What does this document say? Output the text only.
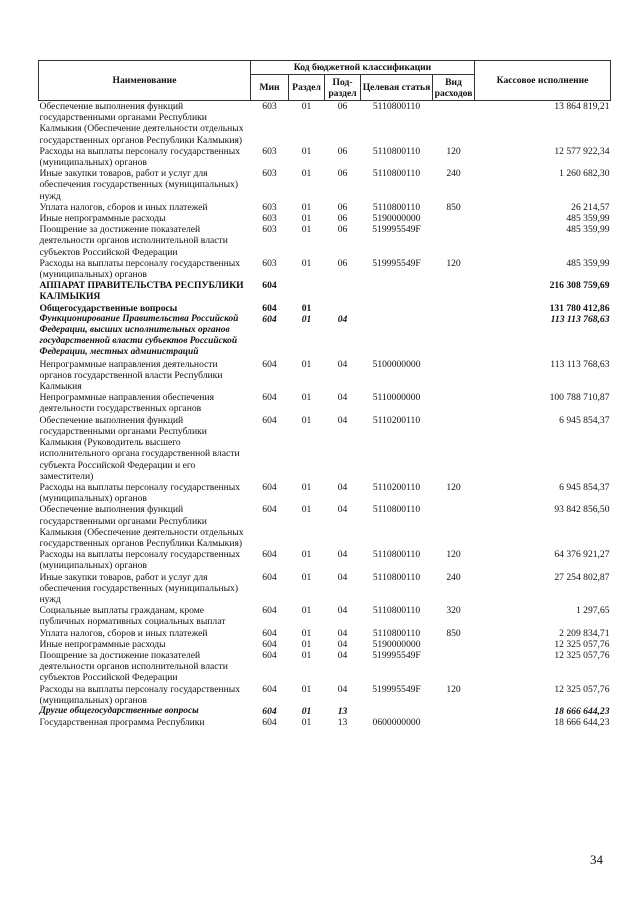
Наименование	Код бюджетной классификации					Кассовое исполнение
	Мин	Раздел	Под-раздел	Целевая статья	Вид расходов	
Обеспечение выполнения функций государственными органами Республики Калмыкия (Обеспечение деятельности отдельных государственных органов Республики Калмыкия)	603	01	06	5110800110		13 864 819,21
Расходы на выплаты персоналу государственных (муниципальных) органов	603	01	06	5110800110	120	12 577 922,34
Иные закупки товаров, работ и услуг для обеспечения государственных (муниципальных) нужд	603	01	06	5110800110	240	1 260 682,30
Уплата налогов, сборов и иных платежей	603	01	06	5110800110	850	26 214,57
Иные непрограммные расходы	603	01	06	5190000000		485 359,99
Поощрение за достижение показателей деятельности органов исполнительной власти субъектов Российской Федерации	603	01	06	519995549F		485 359,99
Расходы на выплаты персоналу государственных (муниципальных) органов	603	01	06	519995549F	120	485 359,99
АППАРАТ ПРАВИТЕЛЬСТВА РЕСПУБЛИКИ КАЛМЫКИЯ	604					216 308 759,69
Общегосударственные вопросы	604	01				131 780 412,86
Функционирование Правительства Российской Федерации, высших исполнительных органов государственной власти субъектов Российской Федерации, местных администраций	604	01	04			113 113 768,63
Непрограммные направления деятельности органов государственной власти Республики Калмыкия	604	01	04	5100000000		113 113 768,63
Непрограммные направления обеспечения деятельности государственных органов	604	01	04	5110000000		100 788 710,87
Обеспечение выполнения функций государственными органами Республики Калмыкия (Руководитель высшего исполнительного органа государственной власти субъекта Российской Федерации и его заместители)	604	01	04	5110200110		6 945 854,37
Расходы на выплаты персоналу государственных (муниципальных) органов	604	01	04	5110200110	120	6 945 854,37
Обеспечение выполнения функций государственными органами Республики Калмыкия (Обеспечение деятельности отдельных государственных органов Республики Калмыкия)	604	01	04	5110800110		93 842 856,50
Расходы на выплаты персоналу государственных (муниципальных) органов	604	01	04	5110800110	120	64 376 921,27
Иные закупки товаров, работ и услуг для обеспечения государственных (муниципальных) нужд	604	01	04	5110800110	240	27 254 802,87
Социальные выплаты гражданам, кроме публичных нормативных социальных выплат	604	01	04	5110800110	320	1 297,65
Уплата налогов, сборов и иных платежей	604	01	04	5110800110	850	2 209 834,71
Иные непрограммные расходы	604	01	04	5190000000		12 325 057,76
Поощрение за достижение показателей деятельности органов исполнительной власти субъектов Российской Федерации	604	01	04	519995549F		12 325 057,76
Расходы на выплаты персоналу государственных (муниципальных) органов	604	01	04	519995549F	120	12 325 057,76
Другие общегосударственные вопросы	604	01	13			18 666 644,23
Государственная программа Республики	604	01	13	0600000000		18 666 644,23
34
